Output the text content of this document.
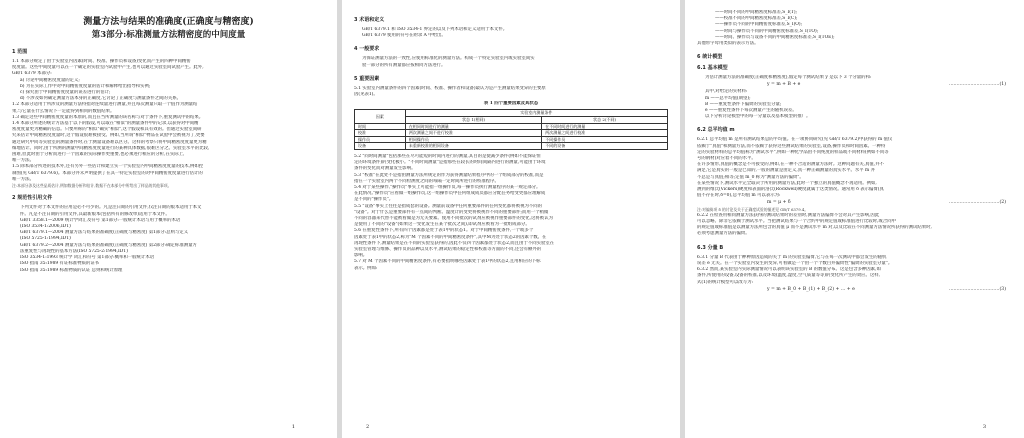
测量方法与结果的准确度(正确度与精密度)
第3部分:标准测量方法精密度的中间度量
1 范围
1.1 本部分规定了由于实验室内因素(时间、校准、操作员和设备)变化而产生的四种中间精密
度度量。这些中间度量可以在一个确定的实验室内试验中产生,也可以通过实验室间试验产生。此外,
GB/T 6379 本部分:
a) 讨论中间精密度度量的定义;
b) 为在实际工作中对中间精密度度量的估计和解释给出指导和实例;
c) 探究由于中间精密度度量的误差进行的估计;
d) 不涉及如何确定测量方法本身的正确度,它讨论了正确度与测量条件之间的关系。
1.2 本部分适用于所涉及的测量方法特指对连续量进行测量,并且每次测量只取一个值作为测量结
果,与它量在什么情况下一定能得到相同的数值结果。
1.3 确定这些中间精密度度量的本原的,而且在当所测量的该名称与对于条件下,重复测试中的结果。
1.4 本部分所述的统计方法基于以下的假设,可以取在"相似"的测量条件中的记录,以获得对中间精
密度度量更为精确的信息。只要所称的"相似"确实"相似",这个假设和其有效的。但通过实验室间研
究来估计中间精密度度量时,这个假设很难被接受。例如,当所谓"相似"物品在试验中会被视为了,更要
通过研究中同等实验室的测量条件时,在于测量设备难以区分。这样的考察只将中间精密度度量更为精
细地估计。同时,由于所测的测量中间精密度度量进行的某种具体数据,很难区分之。实验室水平的比较,
困难,但此时由于分析而进行一个因素的实际操作更重要,也必须进行相应的分析,在实际上,
唯一方法。
1.5 除本部分所述的技术外,还有另外一些估计和建立实一个实验室内中间精密度度量的技术,例如控
制图(见 GB/T 6379.6)。本部分并未声明提供了在其一特定实验室的对中间精密度度量进行估计的
唯一方法。
注:本部分涉及这些品质估计,例如数据分析和估计,数据不在本部分中所给出了样品的其他事项。
2 规范性引用文件
下列文件对于本文件的应用是必不可少的。凡是注日期的引用文件,仅注日期的版本适用于本文
件。凡是不注日期的引用文件,其最新版本(包括所有的修改单)适用于本文件。
GB/T 3358.1—2009 统计学词汇及符号 第1部分:一般统计术语与用于概率的术语
(ISO 3534-1:2006,IDT)
GB/T 6379.1—2004 测量方法与结果的准确度(正确度与精密度) 第1部分:总则与定义
(ISO 5725-1:1994,IDT)
GB/T 6379.2—2004 测量方法与结果的准确度(正确度与精密度) 第2部分:确定标准测量方
法重复性与再现性的基本方法(ISO 5725-2:1994,IDT)
ISO 3534-1:1993 统计学 词汇和符号 第1部分:概率和一般统计术语
ISO 指南 35:1989 有证标准物质的证书
ISO 指南 35:1989 标准物质的认证 总则和统计原理
1
3 术语和定义
GB/T 6379.1 和 ISO 3534-1 界定的以及下列术语和定义适用于本文件。
GB/T 6379 使用的符号在附录 A 中给出。
4 一般要求
为保证测量方法的一致性,应使用标准化的测量方法。构成一个特定实验室内或实验室间实
验一部分的所有测量都应按相同方法进行。
5 重要因素
5.1 实验室内测量条件的四个因素(时间、校准、操作者和设备)最认为是产生测量结果变异的主要原
因(见表1)。
表 1 四个重要因素及其状态
因素	实验室内测量条件	
	状态 1(相同)	状态 2(不同)
时间	在相同时间进行的测量	在不同时间进行的测量
校准	两次测量之间不进行校准	两次测量之间进行校准
操作员	相同操作员	不同操作员
设备	未重新校准的相同设备	不同的设备
5.2 "同时间测量"包括那些在尽可能短的时间内进行的测量,其目的是使减少条件(例如不能保证恒
定的环境条件)的变化极小。"不同时间测量"是指那些在较长的时间间隔内进行的测量,可能由于环境
条件的变化而对测量发生影响。
5.3 "校准"在此处不是指由测量方法所规定的作为获得测量结果程序中的一个组成部分的校准,而是
指在一个实验室内两个不同检测度之间的每隔一定时间所进行的校准程序。
5.4 对于某些操作,"操作员"事实上可能指一组操作员,每一操作员执行测量程序的某一规定部分。
在此情况,"操作员"应看做一组操作员,这一组操作员中任何组成成员都应分配任务给变更都应理解成
是不同的"操作员"。
5.5 "设备"事实上往往是指成套的设备。测量前设备中任何重要部件的任何变化都将被视为不同的
"设备"。对于什么是重要部件有一点间的判断。温度计的变更将被视作不同的重要部件;而用一个稍微
不同的容器来代替不能被看做是为无关要素。使用不同批次的试剂应被视作重要部件的变化,这将被认为
是使用了不同的"设备"(如果这一变化发生在某个批次之间),即试剂应被看为一批组成部分。
5.6 在重复性条件下,所有四个因素都是处于表1中的状态1。对于中间精密度条件,一个或多个
因素处于表1中的状态2,称为"M 个因素不同的中间精密度条件",其中M为处于状态2的因素个数。在
再现性条件下,测量结果是在不同的实验室获得的,因此不仅四个因素都处于状态2,而且由于不同实验室在
实验室管理与维修、操作员的品种以及水平,测试结果的稳定性和校准等方面的不同,还会有额外的
影响。
5.7 对 M 个因素不同的中间精密度条件,有必要指明哪些因素处于表1中的状态2,且用相应的下标
表示。例如:
2
——时间不同的中间精密度标准差,S_I(T);
——校准不同的中间精密度标准差,S_I(C);
——操作员不同的中间精密度标准差,S_I(O);
——时间与操作员不同的中间精密度标准差,S_I(TO);
——时间、操作员与设备不同的中间精密度标准差,S_I(TOE);
其他带字母用类似的表示方法。
6 统计模型
6.1 基本模型
为估计测量方法的准确度(正确度和精密度),假定每个测试结果 y 是以下 3 个分量的和:
y = m + B + e	……………………………(1)
其中,对给定的实材料:
m ——总平均值(期望);
B ——重复性条件下偏倚的实验室分量;
e ——重复性条件下每次测量产生的随机误差。
以下分析讨论模型中的每一分量以及基本模型的推广。
6.2 总平均值 m
6.2.1 总平均值 m 是所有测试结果总的平均值。在一项协同研究(见 GB/T 6379.2)中获得的 m 值仅
依赖于"真值"和测量方法,而不依赖于获得这些测试结果的实验室,设备,操作员和时间因素。一种特
定的实验材料的总平均值称为"测试水平",例如一种化学品由不同纯度的样品或不同材料(例如不同等
号的钢材)对应着不同的水平。
在许多情形,真值的概念是不可接受的,例如,在一种不合适的测量方法时。这种问题有关,真值,并不
满足,它是真实的一般是已知的,一般的测量是由定义,真一种正确测量的真实水平。水平 m 并
不总是与真值;相等;定值 m_0 称为"测量方法的偏倚"。
在某些情况下,测试水平完全取决于所用的测量方法,此时一个独立的真值概念不再适用。例如,
测到的维氏(Vickers)硬度和表面的洛氏(Rockwell)硬度就属于这类情况。通常用 δ 表示偏倚(真
值不存在时,δ=0),总平均值 m 可以表示为:
m = μ + δ	……………………………(2)
注:对偏倚项 δ 的讨论及关于正确度试验的描述见 GB/T 6379.4。
6.2.2 在检查用相同测量方法获得的测试结果时的差别时,测量方法偏倚不会对其产生影响,因此
可以忽略。除非它依赖于测试水平。当把测试结果与一个合约中的规定值或标准值进行比较时,或合同中
的规定值或标准值是以测量方法所包含的真值 μ 而不是测试水平 m 对,以及比较在不同测量方法情况所获得的测试结果时,
必须考虑测量方法的偏倚。
6.3 分量 B
6.3.1 分量 B 代表由于种种原因造成的关于 m 的实验室偏倚,它与在每一次测试中都会发生的随机
误差 e 无关。在一个实验室内发生的变异,可看做是一个由一个个数目并偏倚性"偏倚的实验室分量"。
6.3.2 然而,某实验室内实际测量情况可以表明该实验室的 B 的数值分布。这是包含多种因素,如
条件,所使用的设备,设备的校准,以及环境(温度,湿度,空气质量等等)的变化所产生的效应。这样,
式(1)的统计模型可以改写为:
y = m + B_0 + B_(1) + B_(2) + … + e	……………………………(3)
3
